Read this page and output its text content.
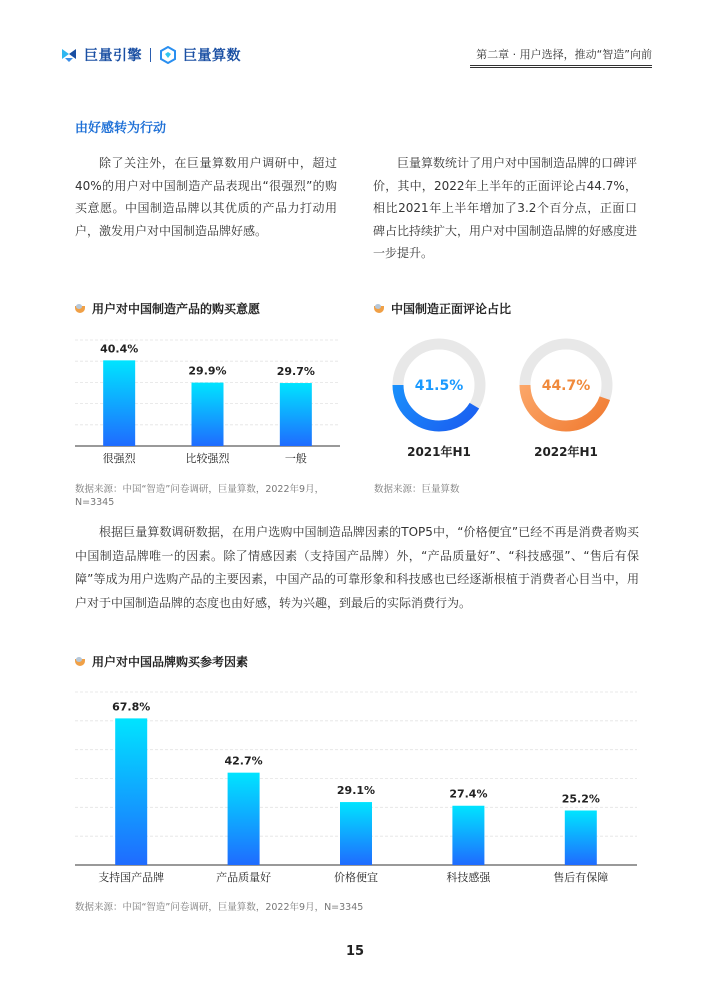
巨量引擎	巨量算数	第二章 · 用户选择，推动“智造”向前
由好感转为行动
除了关注外，在巨量算数用户调研中，超过40%的用户对中国制造产品表现出“很强烈”的购买意愿。中国制造品牌以其优质的产品力打动用户，激发用户对中国制造品牌好感。
巨量算数统计了用户对中国制造品牌的口碑评价，其中，2022年上半年的正面评论占44.7%，相比2021年上半年增加了3.2个百分点，正面口碑占比持续扩大，用户对中国制造品牌的好感度进一步提升。
用户对中国制造产品的购买意愿
40.4%
很强烈
29.9%
比较强烈
29.7%
一般
数据来源：中国“智造”问卷调研，巨量算数，2022年9月，N=3345
中国制造正面评论占比
41.5%
2021年H1
44.7%
2022年H1
数据来源：巨量算数
根据巨量算数调研数据，在用户选购中国制造品牌因素的TOP5中，“价格便宜”已经不再是消费者购买中国制造品牌唯一的因素。除了情感因素（支持国产品牌）外，“产品质量好”、“科技感强”、“售后有保障”等成为用户选购产品的主要因素，中国产品的可靠形象和科技感也已经逐渐根植于消费者心目当中，用户对于中国制造品牌的态度也由好感，转为兴趣，到最后的实际消费行为。
用户对中国品牌购买参考因素
67.8%
支持国产品牌
42.7%
产品质量好
29.1%
价格便宜
27.4%
科技感强
25.2%
售后有保障
数据来源：中国“智造”问卷调研，巨量算数，2022年9月，N=3345
15
